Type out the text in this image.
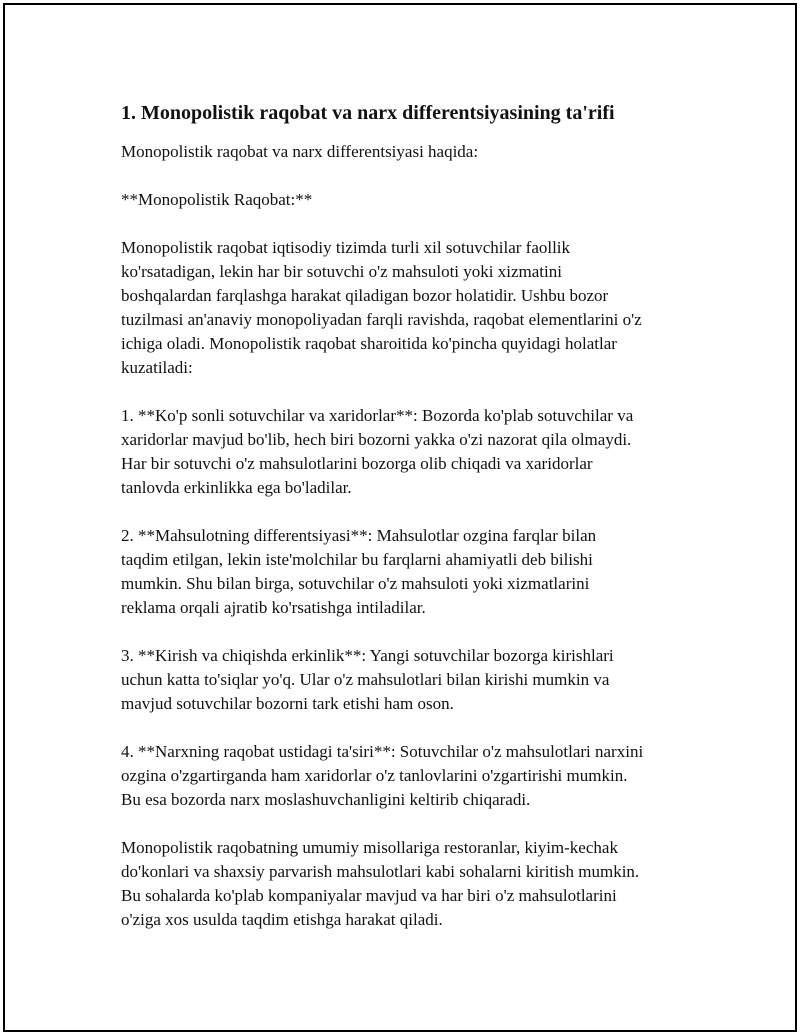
1. Monopolistik raqobat va narx differentsiyasining ta'rifi
Monopolistik raqobat va narx differentsiyasi haqida:
**Monopolistik Raqobat:**
Monopolistik raqobat iqtisodiy tizimda turli xil sotuvchilar faollik
ko'rsatadigan, lekin har bir sotuvchi o'z mahsuloti yoki xizmatini
boshqalardan farqlashga harakat qiladigan bozor holatidir. Ushbu bozor
tuzilmasi an'anaviy monopoliyadan farqli ravishda, raqobat elementlarini o'z
ichiga oladi. Monopolistik raqobat sharoitida ko'pincha quyidagi holatlar
kuzatiladi:
1. **Ko'p sonli sotuvchilar va xaridorlar**: Bozorda ko'plab sotuvchilar va
xaridorlar mavjud bo'lib, hech biri bozorni yakka o'zi nazorat qila olmaydi.
Har bir sotuvchi o'z mahsulotlarini bozorga olib chiqadi va xaridorlar
tanlovda erkinlikka ega bo'ladilar.
2. **Mahsulotning differentsiyasi**: Mahsulotlar ozgina farqlar bilan
taqdim etilgan, lekin iste'molchilar bu farqlarni ahamiyatli deb bilishi
mumkin. Shu bilan birga, sotuvchilar o'z mahsuloti yoki xizmatlarini
reklama orqali ajratib ko'rsatishga intiladilar.
3. **Kirish va chiqishda erkinlik**: Yangi sotuvchilar bozorga kirishlari
uchun katta to'siqlar yo'q. Ular o'z mahsulotlari bilan kirishi mumkin va
mavjud sotuvchilar bozorni tark etishi ham oson.
4. **Narxning raqobat ustidagi ta'siri**: Sotuvchilar o'z mahsulotlari narxini
ozgina o'zgartirganda ham xaridorlar o'z tanlovlarini o'zgartirishi mumkin.
Bu esa bozorda narx moslashuvchanligini keltirib chiqaradi.
Monopolistik raqobatning umumiy misollariga restoranlar, kiyim-kechak
do'konlari va shaxsiy parvarish mahsulotlari kabi sohalarni kiritish mumkin.
Bu sohalarda ko'plab kompaniyalar mavjud va har biri o'z mahsulotlarini
o'ziga xos usulda taqdim etishga harakat qiladi.
